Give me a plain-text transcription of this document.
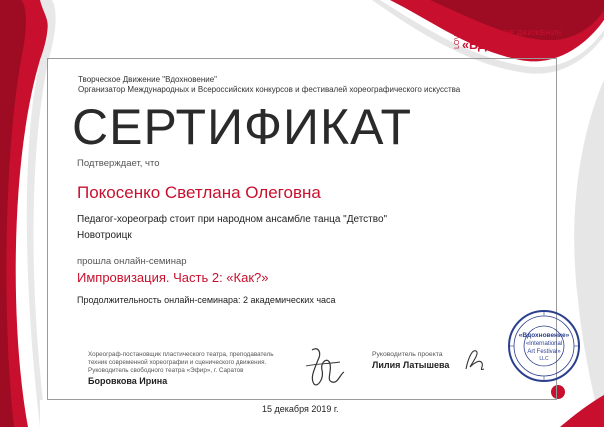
LOVE ТВОРЧЕСКОЕ ДВИЖЕНИЕ
«ВДОХНОВЕНИЕ»
Творческое Движение "Вдохновение"
Организатор Международных и Всероссийских конкурсов и фестивалей хореографического искусства
СЕРТИФИКАТ
Подтверждает, что
Покосенко Светлана Олеговна
Педагог-хореограф стоит при народном ансамбле танца "Детство"
Новотроицк
прошла онлайн-семинар
Импровизация. Часть 2: «Как?»
Продолжительность онлайн-семинара: 2 академических часа
Хореограф-постановщик пластического театра, преподаватель техник современной хореографии и сценического движения. Руководитель свободного театра «Эфир», г. Саратов
Боровкова Ирина
Руководитель проекта
Лилия Латышева
«Вдохновение»
«International
Art Festival»
LLC
15 декабря 2019 г.
